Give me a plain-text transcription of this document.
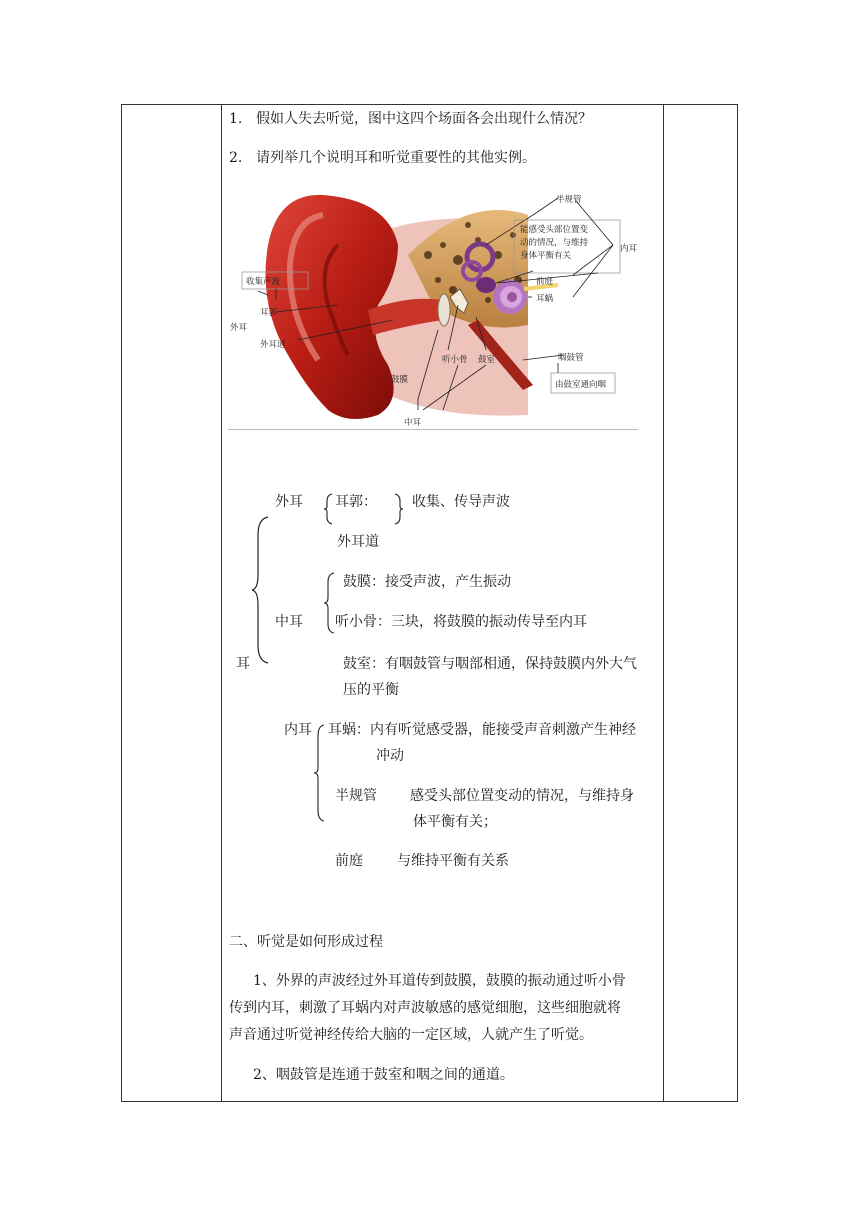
1. 假如人失去听觉，图中这四个场面各会出现什么情况？
2. 请列举几个说明耳和听觉重要性的其他实例。
半规管
能感受头部位置变
动的情况，与维持
身体平衡有关
内耳
前庭
耳蜗
收集声波
耳郭
外耳
外耳道
听小骨 鼓室	咽鼓管
由鼓室通向咽
鼓膜
中耳
外耳 耳郭：	收集、传导声波
外耳道
鼓膜：接受声波，产生振动
中耳 听小骨：三块，将鼓膜的振动传导至内耳
耳	鼓室：有咽鼓管与咽部相通，保持鼓膜内外大气
压的平衡
内耳 耳蜗：内有听觉感受器，能接受声音刺激产生神经
冲动
半规管 感受头部位置变动的情况，与维持身
体平衡有关；
前庭 与维持平衡有关系
二、听觉是如何形成过程
1、外界的声波经过外耳道传到鼓膜，鼓膜的振动通过听小骨
传到内耳，刺激了耳蜗内对声波敏感的感觉细胞，这些细胞就将
声音通过听觉神经传给大脑的一定区域，人就产生了听觉。
2、咽鼓管是连通于鼓室和咽之间的通道。
